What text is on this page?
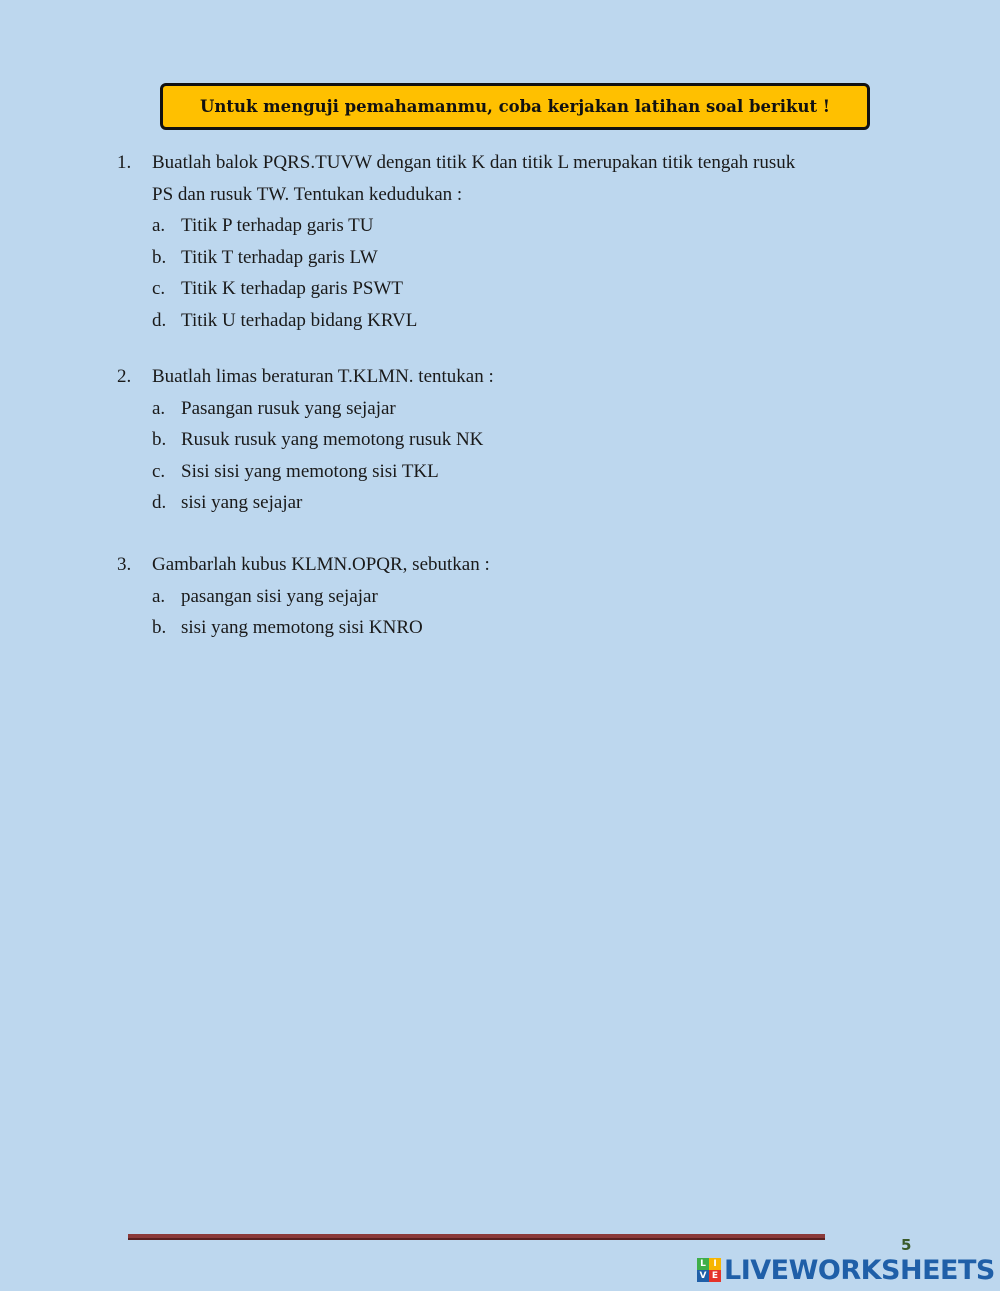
Untuk menguji pemahamanmu, coba kerjakan latihan soal berikut !
1.	Buatlah balok PQRS.TUVW dengan titik K dan titik L merupakan titik tengah rusuk
PS dan rusuk TW. Tentukan kedudukan :
a. Titik P terhadap garis TU
b. Titik T terhadap garis LW
c. Titik K terhadap garis PSWT
d. Titik U terhadap bidang KRVL
2.	Buatlah limas beraturan T.KLMN. tentukan :
a. Pasangan rusuk yang sejajar
b. Rusuk rusuk yang memotong rusuk NK
c. Sisi sisi yang memotong sisi TKL
d. sisi yang sejajar
3.	Gambarlah kubus KLMN.OPQR, sebutkan :
a. pasangan sisi yang sejajar
b. sisi yang memotong sisi KNRO
5
L I
V E LIVEWORKSHEETS
